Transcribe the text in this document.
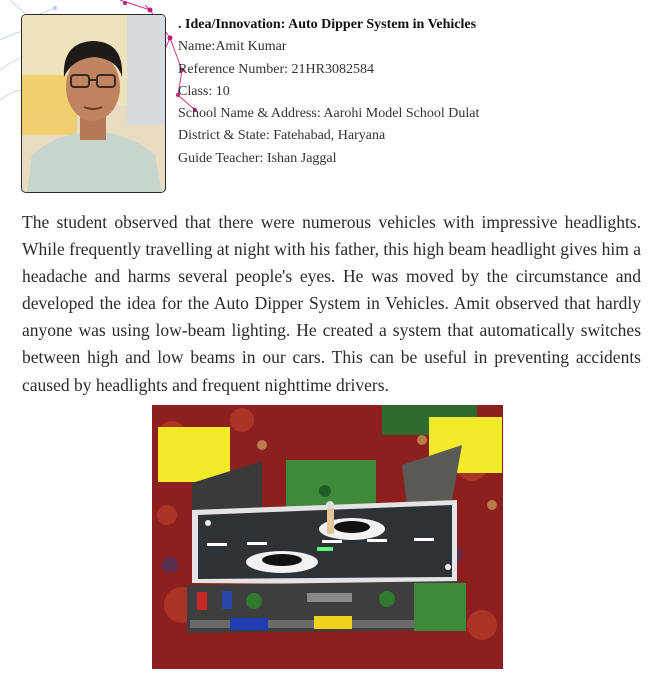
. Idea/Innovation: Auto Dipper System in Vehicles
Name:Amit Kumar
Reference Number: 21HR3082584
Class: 10
School Name & Address: Aarohi Model School Dulat
District & State: Fatehabad, Haryana
Guide Teacher: Ishan Jaggal

The student observed that there were numerous vehicles with impressive headlights. While frequently travelling at night with his father, this high beam headlight gives him a headache and harms several people's eyes. He was moved by the circumstance and developed the idea for the Auto Dipper System in Vehicles. Amit observed that hardly anyone was using low-beam lighting. He created a system that automatically switches between high and low beams in our cars. This can be useful in preventing accidents caused by headlights and frequent nighttime drivers.
